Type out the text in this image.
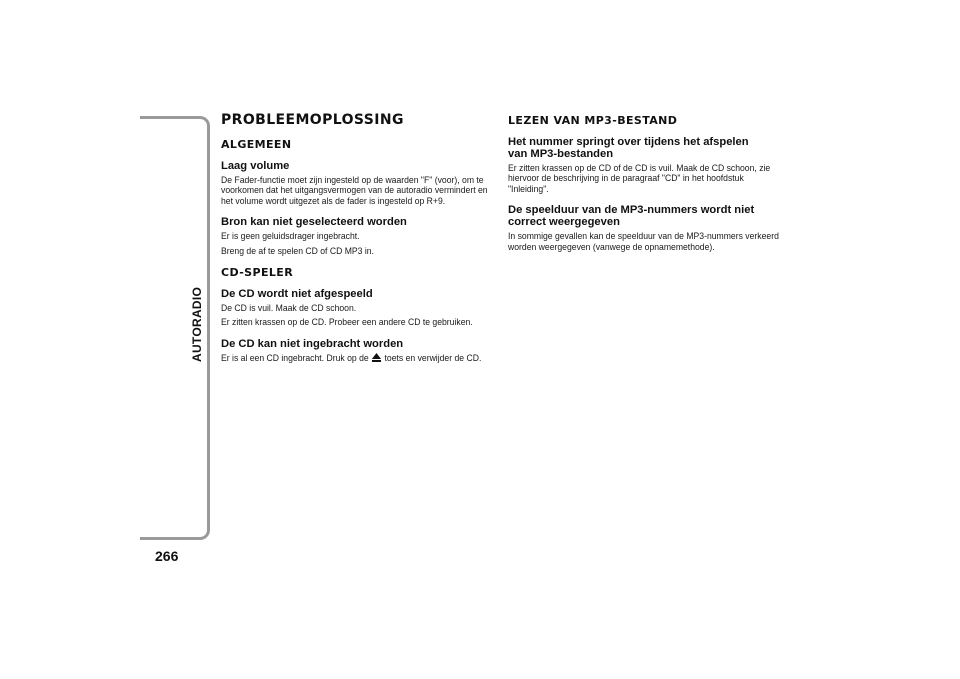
AUTORADIO
266
PROBLEEMOPLOSSING
ALGEMEEN
Laag volume
De Fader-functie moet zijn ingesteld op de waarden "F" (voor), om te voorkomen dat het uitgangsvermogen van de autoradio vermindert en het volume wordt uitgezet als de fader is ingesteld op R+9.
Bron kan niet geselecteerd worden
Er is geen geluidsdrager ingebracht.
Breng de af te spelen CD of CD MP3 in.
CD-SPELER
De CD wordt niet afgespeeld
De CD is vuil. Maak de CD schoon.
Er zitten krassen op de CD. Probeer een andere CD te gebruiken.
De CD kan niet ingebracht worden
Er is al een CD ingebracht. Druk op de toets en verwijder de CD.
LEZEN VAN MP3-BESTAND
Het nummer springt over tijdens het afspelen van MP3-bestanden
Er zitten krassen op de CD of de CD is vuil. Maak de CD schoon, zie hiervoor de beschrijving in de paragraaf "CD" in het hoofdstuk "Inleiding".
De speelduur van de MP3-nummers wordt niet correct weergegeven
In sommige gevallen kan de speelduur van de MP3-nummers verkeerd worden weergegeven (vanwege de opnamemethode).
